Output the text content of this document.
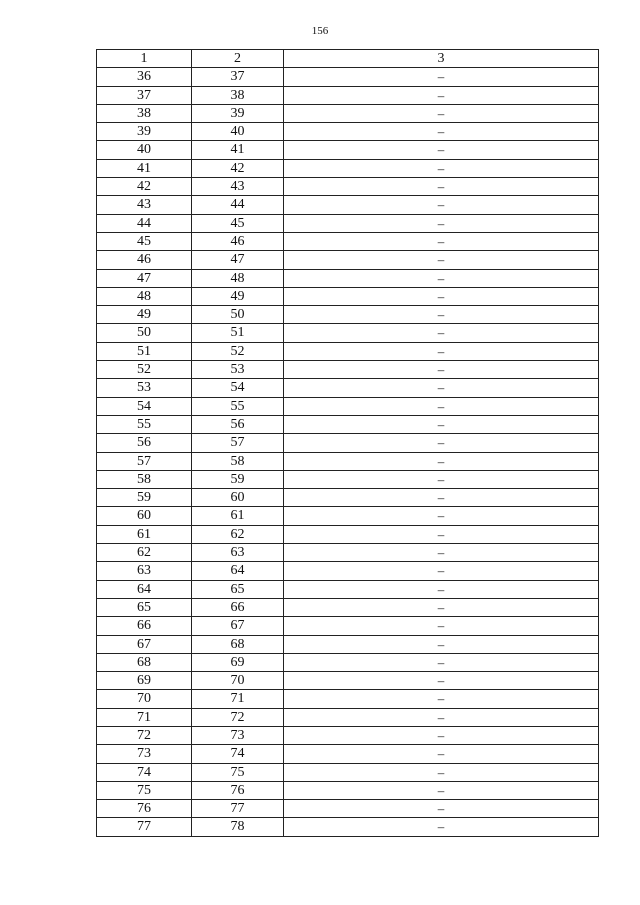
156
1	2	3
36	37	–
37	38	–
38	39	–
39	40	–
40	41	–
41	42	–
42	43	–
43	44	–
44	45	–
45	46	–
46	47	–
47	48	–
48	49	–
49	50	–
50	51	–
51	52	–
52	53	–
53	54	–
54	55	–
55	56	–
56	57	–
57	58	–
58	59	–
59	60	–
60	61	–
61	62	–
62	63	–
63	64	–
64	65	–
65	66	–
66	67	–
67	68	–
68	69	–
69	70	–
70	71	–
71	72	–
72	73	–
73	74	–
74	75	–
75	76	–
76	77	–
77	78	–
